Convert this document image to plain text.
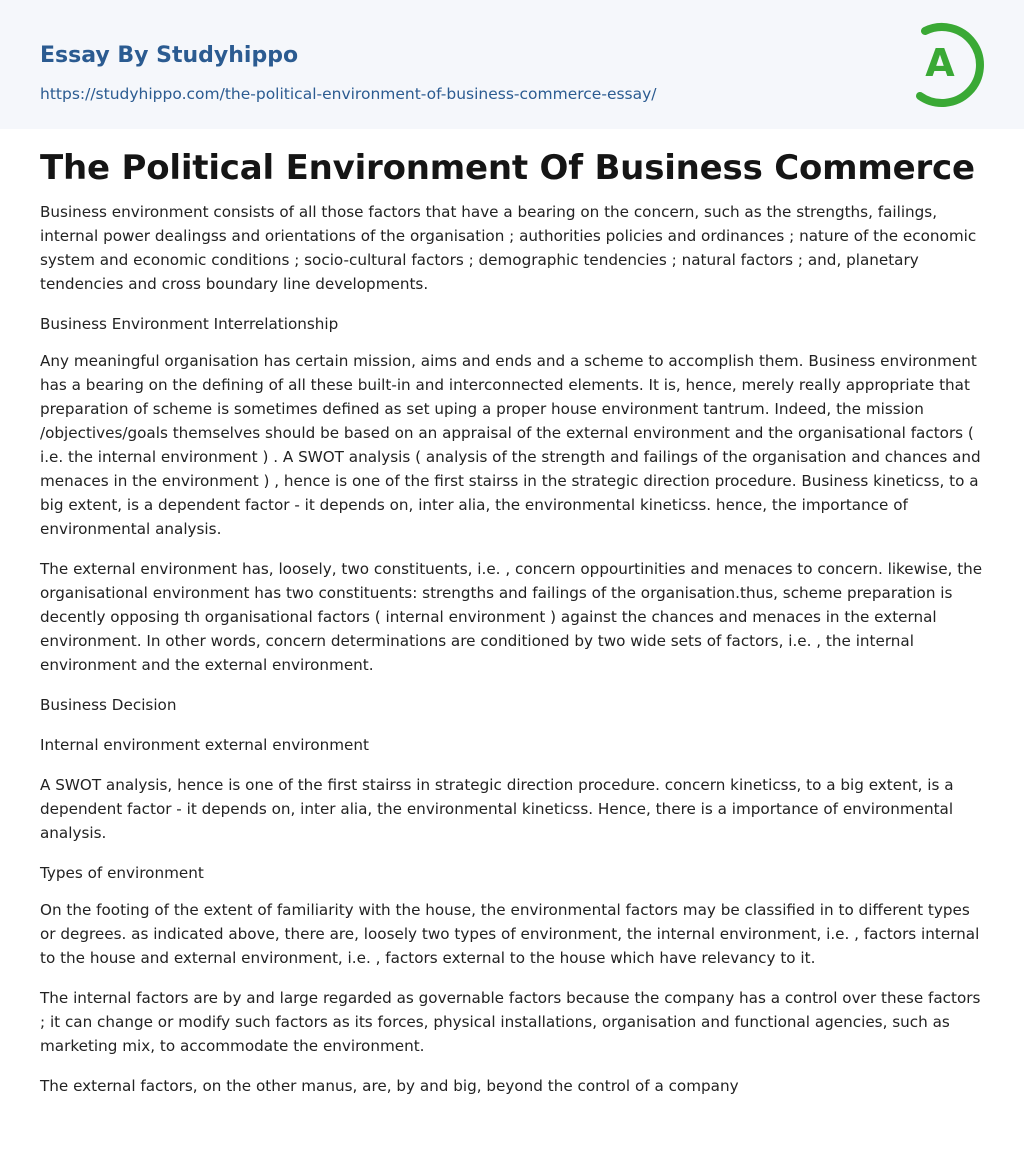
Essay By Studyhippo
https://studyhippo.com/the-political-environment-of-business-commerce-essay/
A
The Political Environment Of Business Commerce

Business environment consists of all those factors that have a bearing on the concern, such as the strengths, failings, internal power dealingss and orientations of the organisation ; authorities policies and ordinances ; nature of the economic system and economic conditions ; socio-cultural factors ; demographic tendencies ; natural factors ; and, planetary tendencies and cross boundary line developments.

Business Environment Interrelationship

Any meaningful organisation has certain mission, aims and ends and a scheme to accomplish them. Business environment has a bearing on the defining of all these built-in and interconnected elements. It is, hence, merely really appropriate that preparation of scheme is sometimes defined as set uping a proper house environment tantrum. Indeed, the mission /objectives/goals themselves should be based on an appraisal of the external environment and the organisational factors ( i.e. the internal environment ) . A SWOT analysis ( analysis of the strength and failings of the organisation and chances and menaces in the environment ) , hence is one of the first stairss in the strategic direction procedure. Business kineticss, to a big extent, is a dependent factor - it depends on, inter alia, the environmental kineticss. hence, the importance of environmental analysis.

The external environment has, loosely, two constituents, i.e. , concern oppourtinities and menaces to concern. likewise, the organisational environment has two constituents: strengths and failings of the organisation.thus, scheme preparation is decently opposing th organisational factors ( internal environment ) against the chances and menaces in the external environment. In other words, concern determinations are conditioned by two wide sets of factors, i.e. , the internal environment and the external environment.

Business Decision

Internal environment external environment

A SWOT analysis, hence is one of the first stairss in strategic direction procedure. concern kineticss, to a big extent, is a dependent factor - it depends on, inter alia, the environmental kineticss. Hence, there is a importance of environmental analysis.

Types of environment

On the footing of the extent of familiarity with the house, the environmental factors may be classified in to different types or degrees. as indicated above, there are, loosely two types of environment, the internal environment, i.e. , factors internal to the house and external environment, i.e. , factors external to the house which have relevancy to it.

The internal factors are by and large regarded as governable factors because the company has a control over these factors ; it can change or modify such factors as its forces, physical installations, organisation and functional agencies, such as marketing mix, to accommodate the environment.

The external factors, on the other manus, are, by and big, beyond the control of a company
